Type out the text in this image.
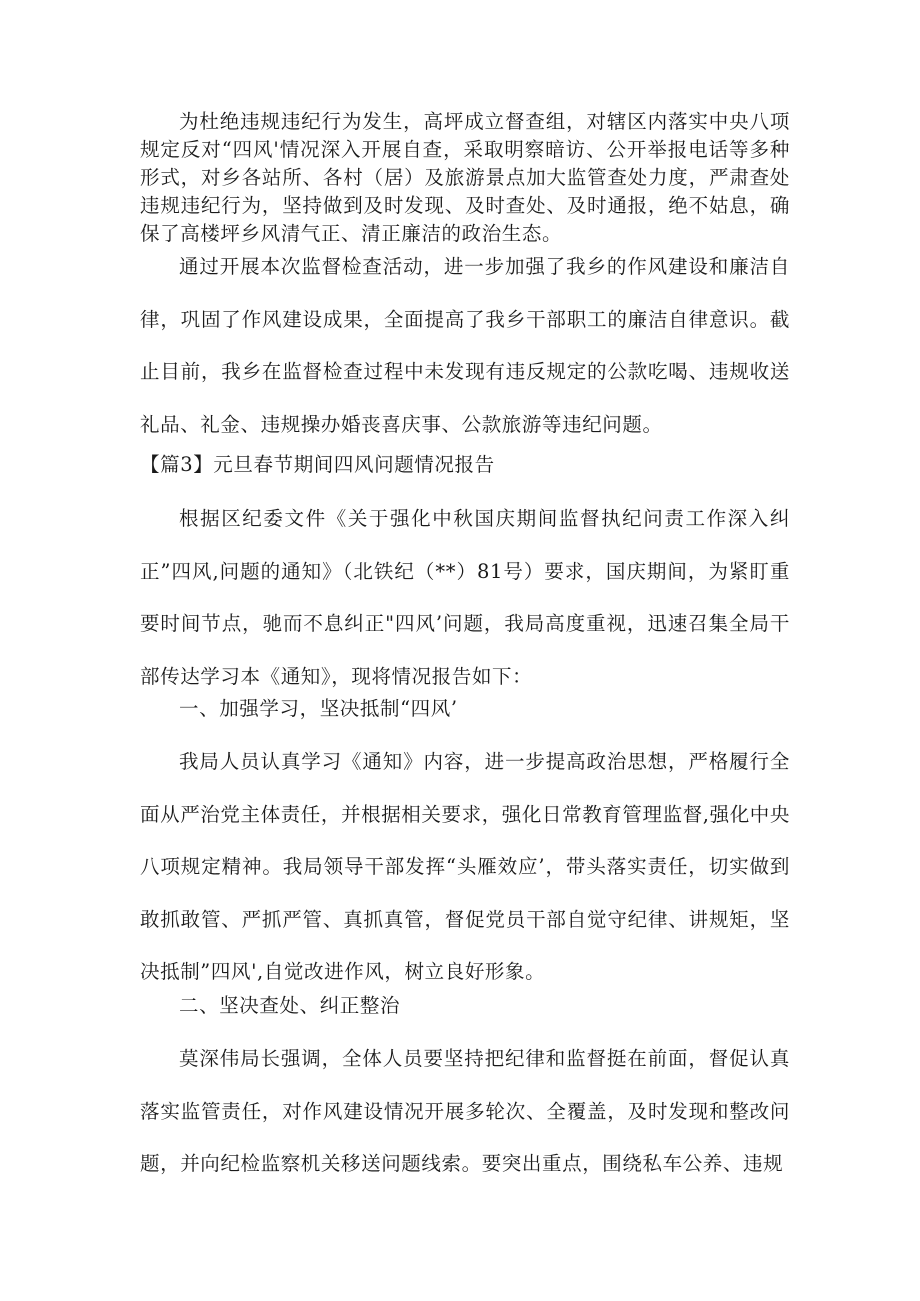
为杜绝违规违纪行为发生，高坪成立督查组，对辖区内落实中央八项规定反对“四风'情况深入开展自查，采取明察暗访、公开举报电话等多种形式，对乡各站所、各村（居）及旅游景点加大监管查处力度，严肃查处违规违纪行为，坚持做到及时发现、及时查处、及时通报，绝不姑息，确保了高楼坪乡风清气正、清正廉洁的政治生态。

通过开展本次监督检查活动，进一步加强了我乡的作风建设和廉洁自律，巩固了作风建设成果，全面提高了我乡干部职工的廉洁自律意识。截止目前，我乡在监督检查过程中未发现有违反规定的公款吃喝、违规收送礼品、礼金、违规操办婚丧喜庆事、公款旅游等违纪问题。

【篇3】元旦春节期间四风问题情况报告

根据区纪委文件《关于强化中秋国庆期间监督执纪问责工作深入纠正”四风,问题的通知》（北铁纪（**）81号）要求，国庆期间，为紧盯重要时间节点，驰而不息纠正"四风’问题，我局高度重视，迅速召集全局干部传达学习本《通知》，现将情况报告如下：

一、加强学习，坚决抵制“四风’

我局人员认真学习《通知》内容，进一步提高政治思想，严格履行全面从严治党主体责任，并根据相关要求，强化日常教育管理监督,强化中央八项规定精神。我局领导干部发挥“头雁效应’，带头落实责任，切实做到敢抓敢管、严抓严管、真抓真管，督促党员干部自觉守纪律、讲规矩，坚决抵制”四风',自觉改进作风，树立良好形象。

二、坚决查处、纠正整治

莫深伟局长强调，全体人员要坚持把纪律和监督挺在前面，督促认真落实监管责任，对作风建设情况开展多轮次、全覆盖，及时发现和整改问题，并向纪检监察机关移送问题线索。要突出重点，围绕私车公养、违规
